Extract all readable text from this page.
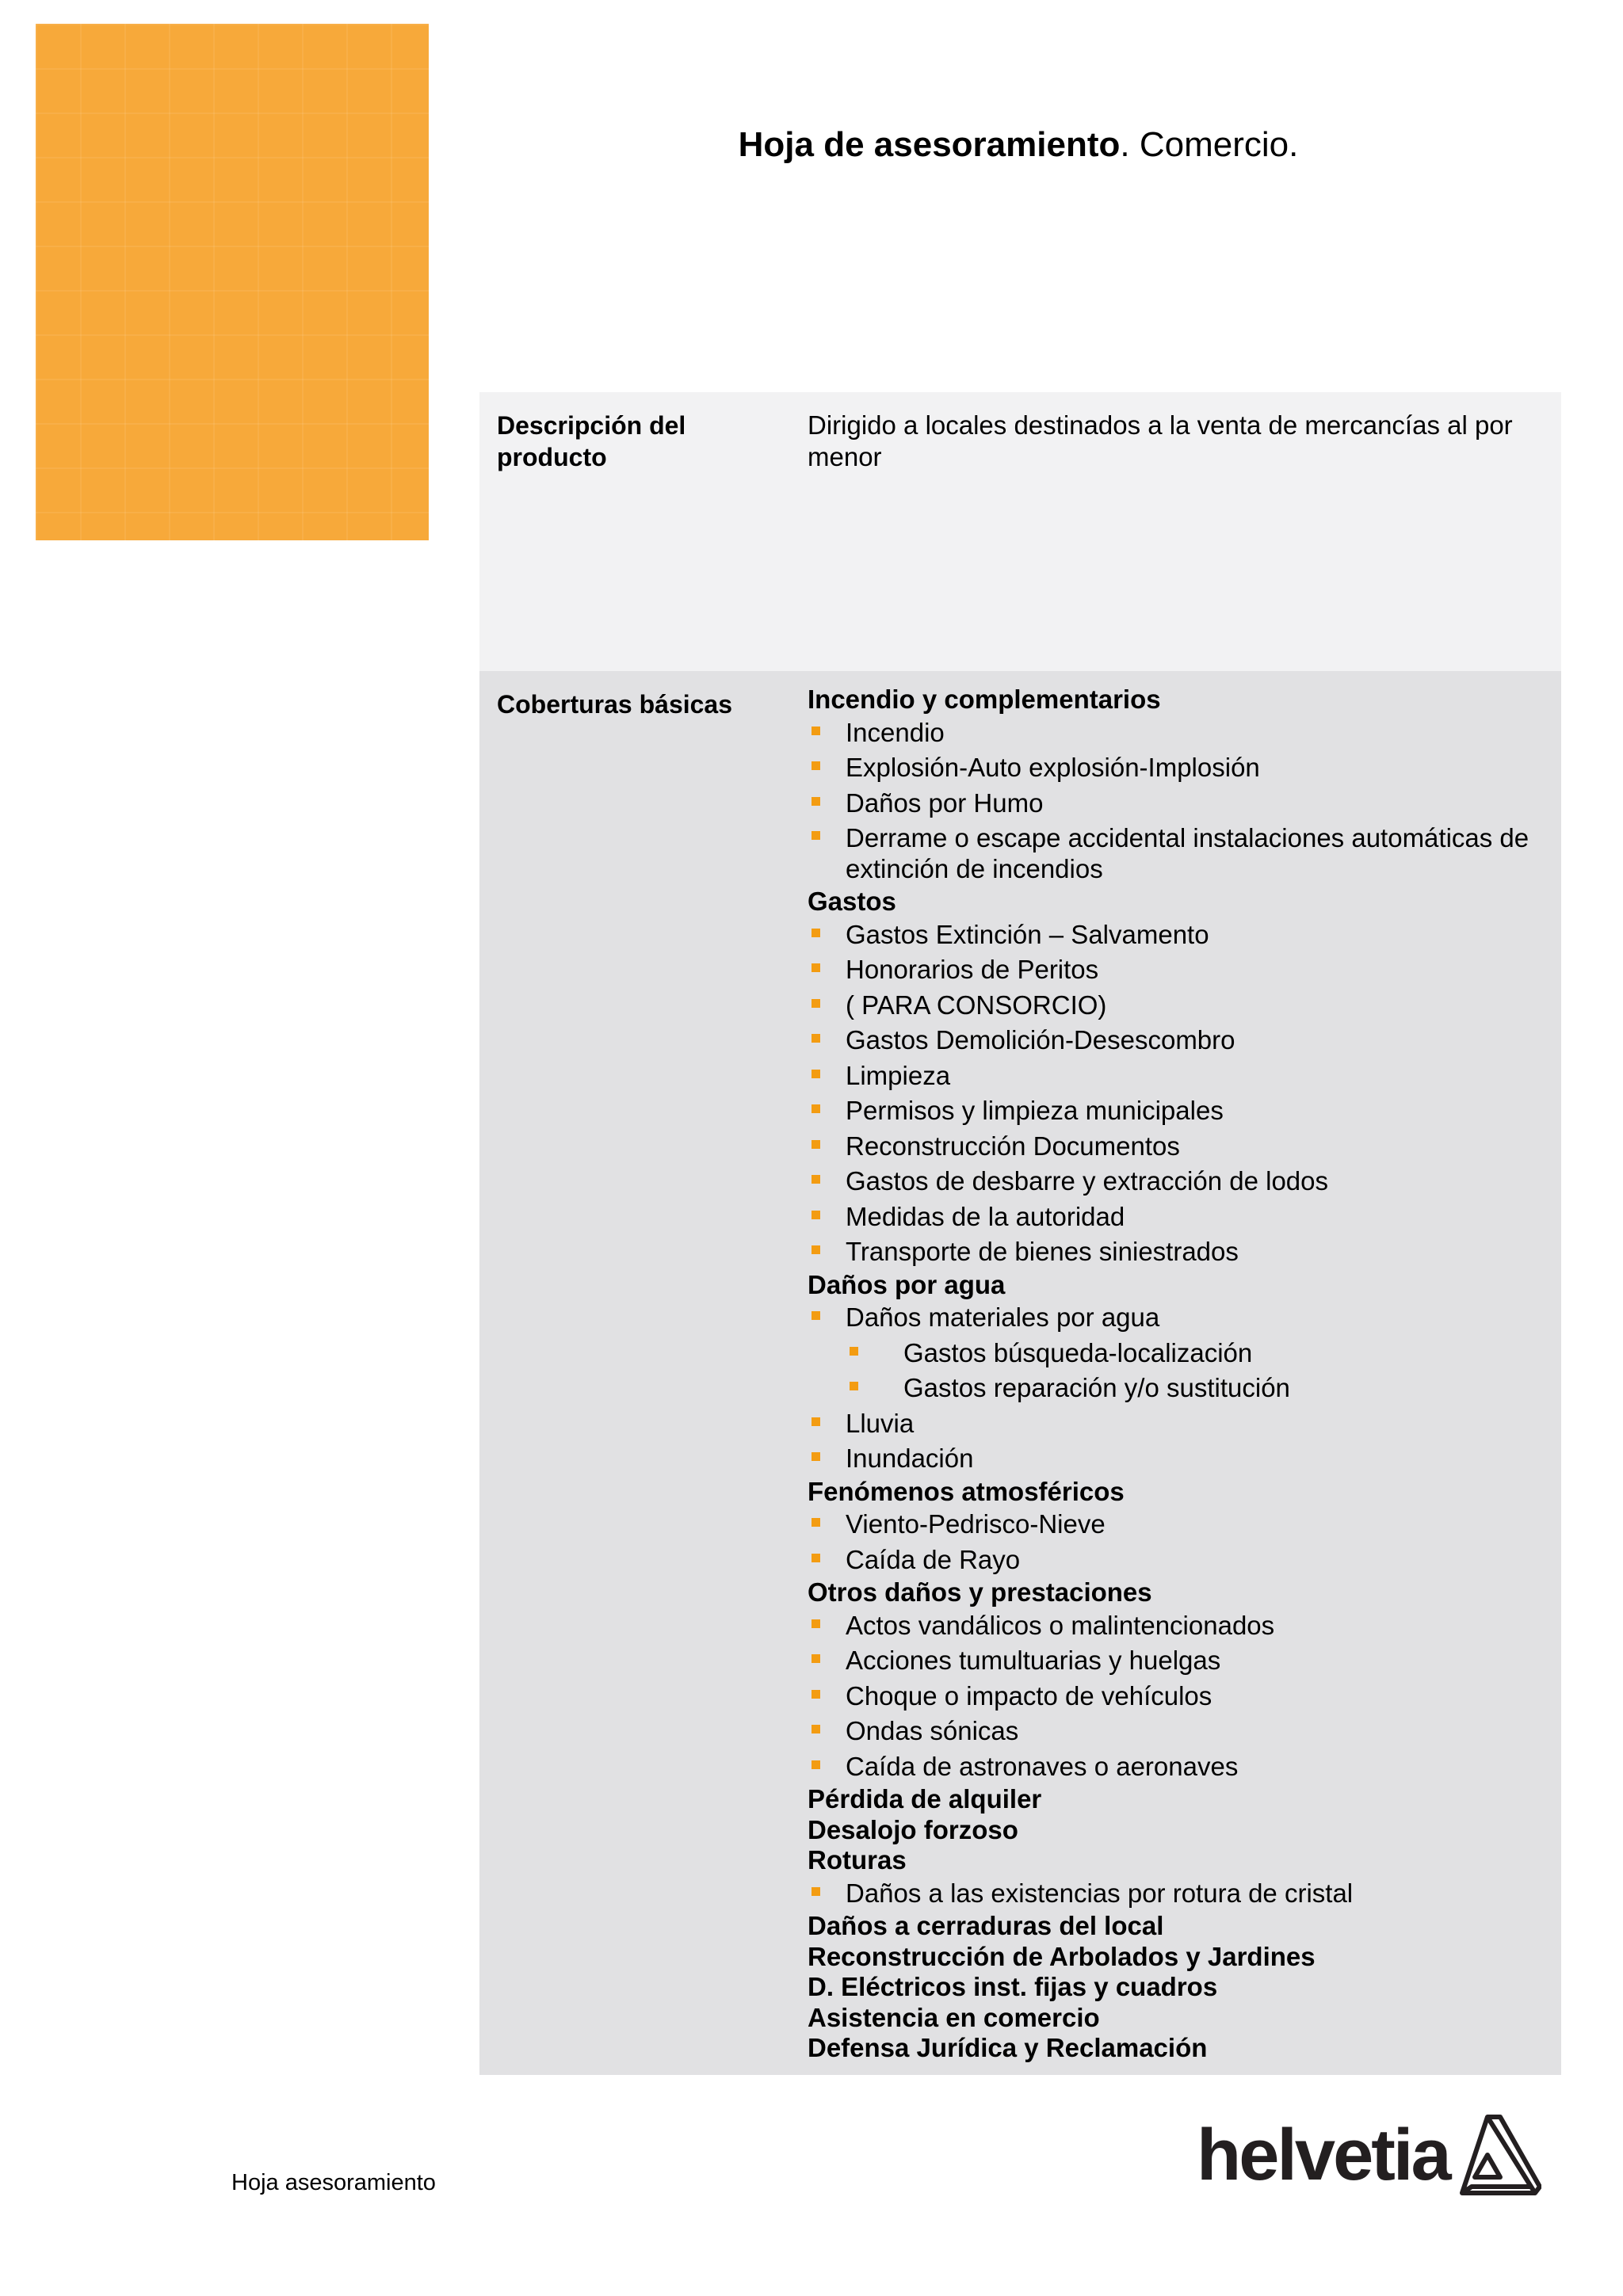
Hoja de asesoramiento. Comercio.
Descripción del producto
Dirigido a locales destinados a la venta de mercancías al por menor
Coberturas básicas	Incendio y complementarios
Incendio
Explosión-Auto explosión-Implosión
Daños por Humo
Derrame o escape accidental instalaciones automáticas de extinción de incendios
Gastos
Gastos Extinción – Salvamento
Honorarios de Peritos
( PARA CONSORCIO)
Gastos Demolición-Desescombro
Limpieza
Permisos y limpieza municipales
Reconstrucción Documentos
Gastos de desbarre y extracción de lodos
Medidas de la autoridad
Transporte de bienes siniestrados
Daños por agua
Daños materiales por agua
Gastos búsqueda-localización
Gastos reparación y/o sustitución
Lluvia
Inundación
Fenómenos atmosféricos
Viento-Pedrisco-Nieve
Caída de Rayo
Otros daños y prestaciones
Actos vandálicos o malintencionados
Acciones tumultuarias y huelgas
Choque o impacto de vehículos
Ondas sónicas
Caída de astronaves o aeronaves
Pérdida de alquiler
Desalojo forzoso
Roturas
Daños a las existencias por rotura de cristal
Daños a cerraduras del local
Reconstrucción de Arbolados y Jardines
D. Eléctricos inst. fijas y cuadros
Asistencia en comercio
Defensa Jurídica y Reclamación
Hoja asesoramiento	helvetia
